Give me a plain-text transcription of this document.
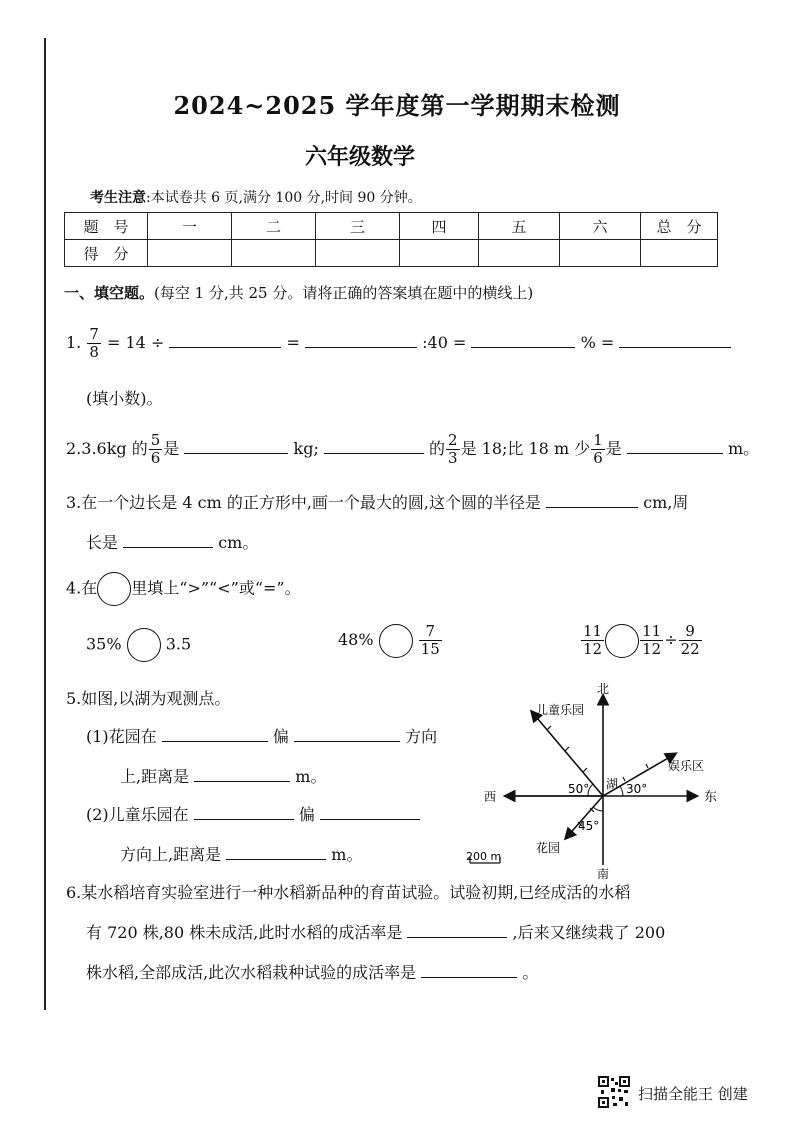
2024~2025 学年度第一学期期末检测
六年级数学
考生注意:本试卷共 6 页,满分 100 分,时间 90 分钟。
题　号	一	二	三	四	五	六	总　分
得　分							
一、填空题。(每空 1 分,共 25 分。请将正确的答案填在题中的横线上)
1. $\frac{7}{8} = 14$ ÷	=	:40 =	% =
(填小数)。
2.3.6kg 的 $\frac{5}{6}$ 是	kg;	的 $\frac{2}{3}$ 是 18;比 18 m 少 $\frac{1}{6}$ 是	m。
3.在一个边长是 4 cm 的正方形中,画一个最大的圆,这个圆的半径是	cm,周
长是	cm。
4.在 里填上“>”“<”或“=”。
35%	3.5	48%	$\frac{7}{15}$	$\frac{11}{12} \frac{11}{12} \div \frac{9}{22}$
5.如图,以湖为观测点。
(1)花园在	偏	方向
上,距离是	m。
(2)儿童乐园在	偏
方向上,距离是	m。
北
南
东
西
湖
儿童乐园
娱乐区
花园
50°	30°
45°
200 m
6.某水稻培育实验室进行一种水稻新品种的育苗试验。试验初期,已经成活的水稻
有 720 株,80 株未成活,此时水稻的成活率是	,后来又继续栽了 200
株水稻,全部成活,此次水稻栽种试验的成活率是	。
扫描全能王 创建
